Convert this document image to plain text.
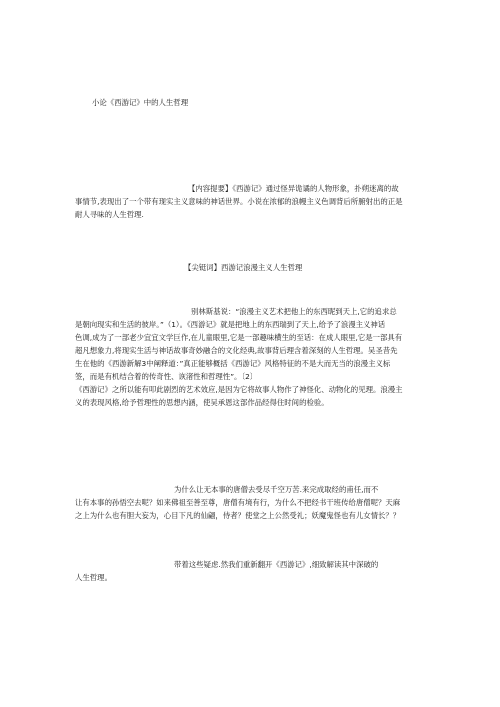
小论《西游记》中的人生哲理

【内容提要】《西游记》通过怪异诡谲的人物形象，扑朔迷离的故
事情节,表现出了一个带有现实主义意味的神话世界。小说在浓郁的浪幔主义色调背后所腑射出的正是
耐人寻味的人生哲理.

【尖铤词】西游记浪漫主义人生哲理

别林斯基说：“浪漫主义艺术把他上的东西昵到天上,它的追求总
是朝向现实和生活的彼岸。”（1）。《西游记》就是把地上的东西瑞到了天上,给予了浪漫主义神话
色调,成为了一部老少宜宜文学巨作,在儿童眼里,它是一部趣味横生的至话：在成人眼里,它是一部具有
超凡想象力,将现实生活与神话故事奇妙融合的文化经典,故事背后理含着深刻的人生哲理。吴圣昔先
生在他的《西游新解3中阐释道：”真正能够概括《西游记》风格特征的不是大而无当的浪漫主义标
签，而是有机结合着的传奇性、诙渚性和哲理性”。〔2〕
《西游记》之所以能有叩此剧烈的艺术效应,是因为它将故事人物作了神怪化、动物化的见理。浪漫主
义的表现风格,给予哲理性的思想内涵，使吴承恩这部作品经得住时间的检验。
为什么让无本事的唐僧去受尽千空万苦.来完成取经的甫任,而不
让有本事的孙悟空去呢？如来佛祖至善至尊，唐僧有境有行，为什么不把经书干班传给唐僧呢？天麻
之上为什么也有胆大妄为，心目下凡的仙翩，侍者？使堂之上公然受礼；妖魔鬼怪也有儿女情长？？
带着这些疑虑.然我们重新翻开《西游记》,细致解读其中深破的
人生哲理。
